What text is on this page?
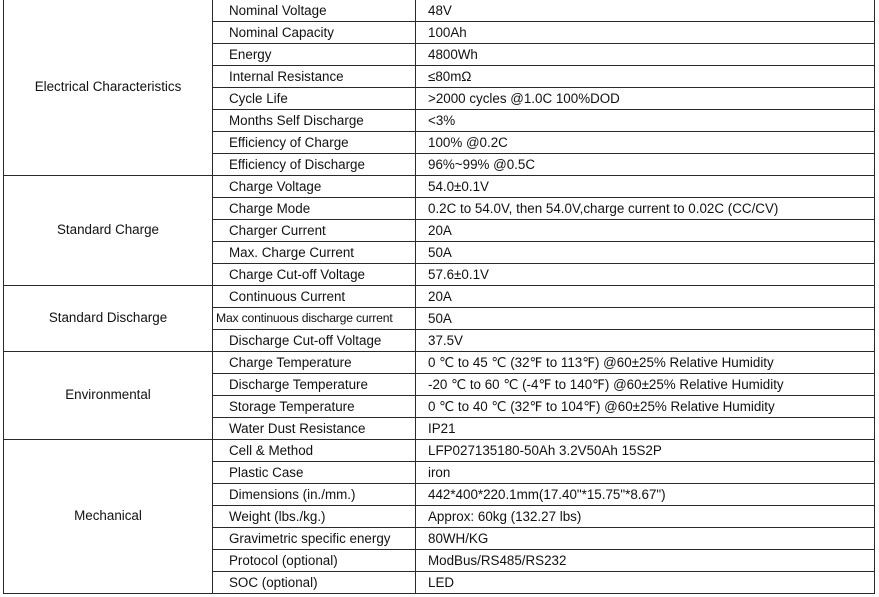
Electrical Characteristics	Nominal Voltage	48V
	Nominal Capacity	100Ah
	Energy	4800Wh
	Internal Resistance	≤80mΩ
	Cycle Life	>2000 cycles @1.0C 100%DOD
	Months Self Discharge	<3%
	Efficiency of Charge	100% @0.2C
	Efficiency of Discharge	96%~99% @0.5C
Standard Charge	Charge Voltage	54.0±0.1V
	Charge Mode	0.2C to 54.0V, then 54.0V,charge current to 0.02C (CC/CV)
	Charger Current	20A
	Max. Charge Current	50A
	Charge Cut-off Voltage	57.6±0.1V
Standard Discharge	Continuous Current	20A
	Max continuous discharge current	50A
	Discharge Cut-off Voltage	37.5V
Environmental	Charge Temperature	0 ℃ to 45 ℃ (32℉ to 113℉) @60±25% Relative Humidity
	Discharge Temperature	-20 ℃ to 60 ℃ (-4℉ to 140℉) @60±25% Relative Humidity
	Storage Temperature	0 ℃ to 40 ℃ (32℉ to 104℉) @60±25% Relative Humidity
	Water Dust Resistance	IP21
Mechanical	Cell & Method	LFP027135180-50Ah 3.2V50Ah 15S2P
	Plastic Case	iron
	Dimensions (in./mm.)	442*400*220.1mm(17.40"*15.75"*8.67")
	Weight (lbs./kg.)	Approx: 60kg (132.27 lbs)
	Gravimetric specific energy	80WH/KG
	Protocol (optional)	ModBus/RS485/RS232
	SOC (optional)	LED
